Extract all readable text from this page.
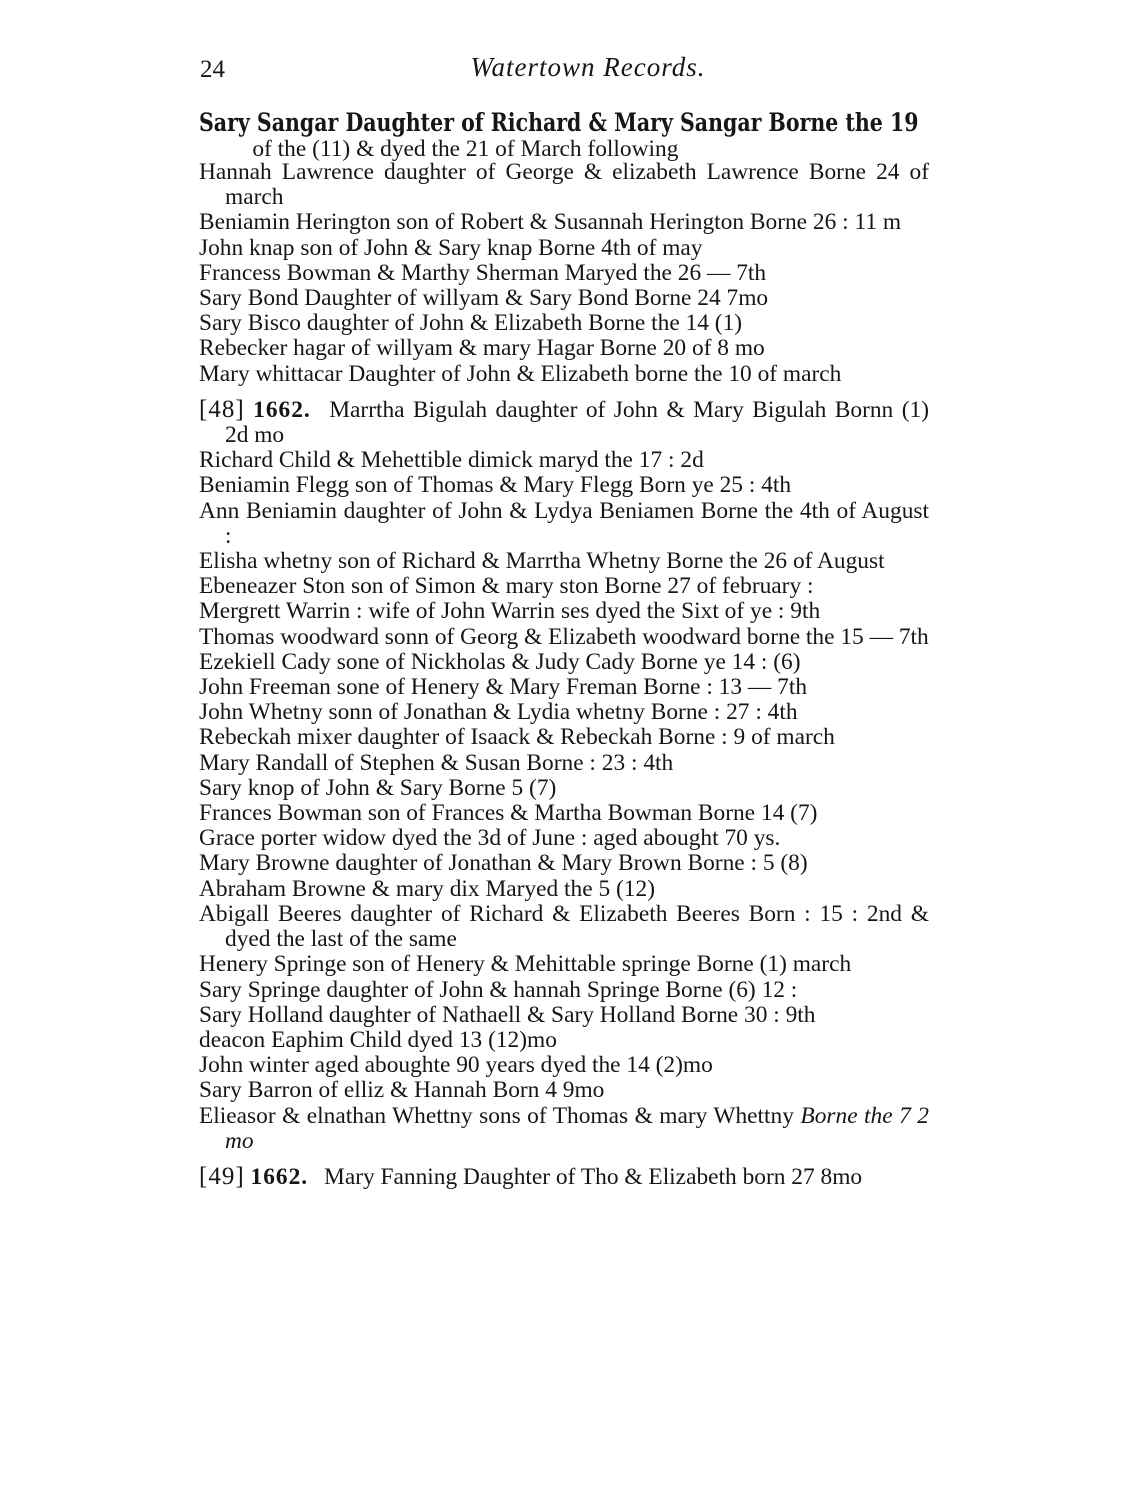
24	Watertown Records.
Sary Sangar Daughter of Richard & Mary Sangar Borne the 19
of the (11) & dyed the 21 of March following
Hannah Lawrence daughter of George & elizabeth Lawrence Borne 24 of march
Beniamin Herington son of Robert & Susannah Herington Borne 26 : 11 m
John knap son of John & Sary knap Borne 4th of may
Francess Bowman & Marthy Sherman Maryed the 26 — 7th
Sary Bond Daughter of willyam & Sary Bond Borne 24 7mo
Sary Bisco daughter of John & Elizabeth Borne the 14 (1)
Rebecker hagar of willyam & mary Hagar Borne 20 of 8 mo
Mary whittacar Daughter of John & Elizabeth borne the 10 of march
[48] 1662. Marrtha Bigulah daughter of John & Mary Bigulah Bornn (1) 2d mo
Richard Child & Mehettible dimick maryd the 17 : 2d
Beniamin Flegg son of Thomas & Mary Flegg Born ye 25 : 4th
Ann Beniamin daughter of John & Lydya Beniamen Borne the 4th of August :
Elisha whetny son of Richard & Marrtha Whetny Borne the 26 of August
Ebeneazer Ston son of Simon & mary ston Borne 27 of february :
Mergrett Warrin : wife of John Warrin ses dyed the Sixt of ye : 9th
Thomas woodward sonn of Georg & Elizabeth woodward borne the 15 — 7th
Ezekiell Cady sone of Nickholas & Judy Cady Borne ye 14 : (6)
John Freeman sone of Henery & Mary Freman Borne : 13 — 7th
John Whetny sonn of Jonathan & Lydia whetny Borne : 27 : 4th
Rebeckah mixer daughter of Isaack & Rebeckah Borne : 9 of march
Mary Randall of Stephen & Susan Borne : 23 : 4th
Sary knop of John & Sary Borne 5 (7)
Frances Bowman son of Frances & Martha Bowman Borne 14 (7)
Grace porter widow dyed the 3d of June : aged abought 70 ys.
Mary Browne daughter of Jonathan & Mary Brown Borne : 5 (8)
Abraham Browne & mary dix Maryed the 5 (12)
Abigall Beeres daughter of Richard & Elizabeth Beeres Born : 15 : 2nd & dyed the last of the same
Henery Springe son of Henery & Mehittable springe Borne (1) march
Sary Springe daughter of John & hannah Springe Borne (6) 12 :
Sary Holland daughter of Nathaell & Sary Holland Borne 30 : 9th
deacon Eaphim Child dyed 13 (12)mo
John winter aged aboughte 90 years dyed the 14 (2)mo
Sary Barron of elliz & Hannah Born 4 9mo
Elieasor & elnathan Whettny sons of Thomas & mary Whettny Borne the 7 2 mo
[49] 1662. Mary Fanning Daughter of Tho & Elizabeth born 27 8mo
